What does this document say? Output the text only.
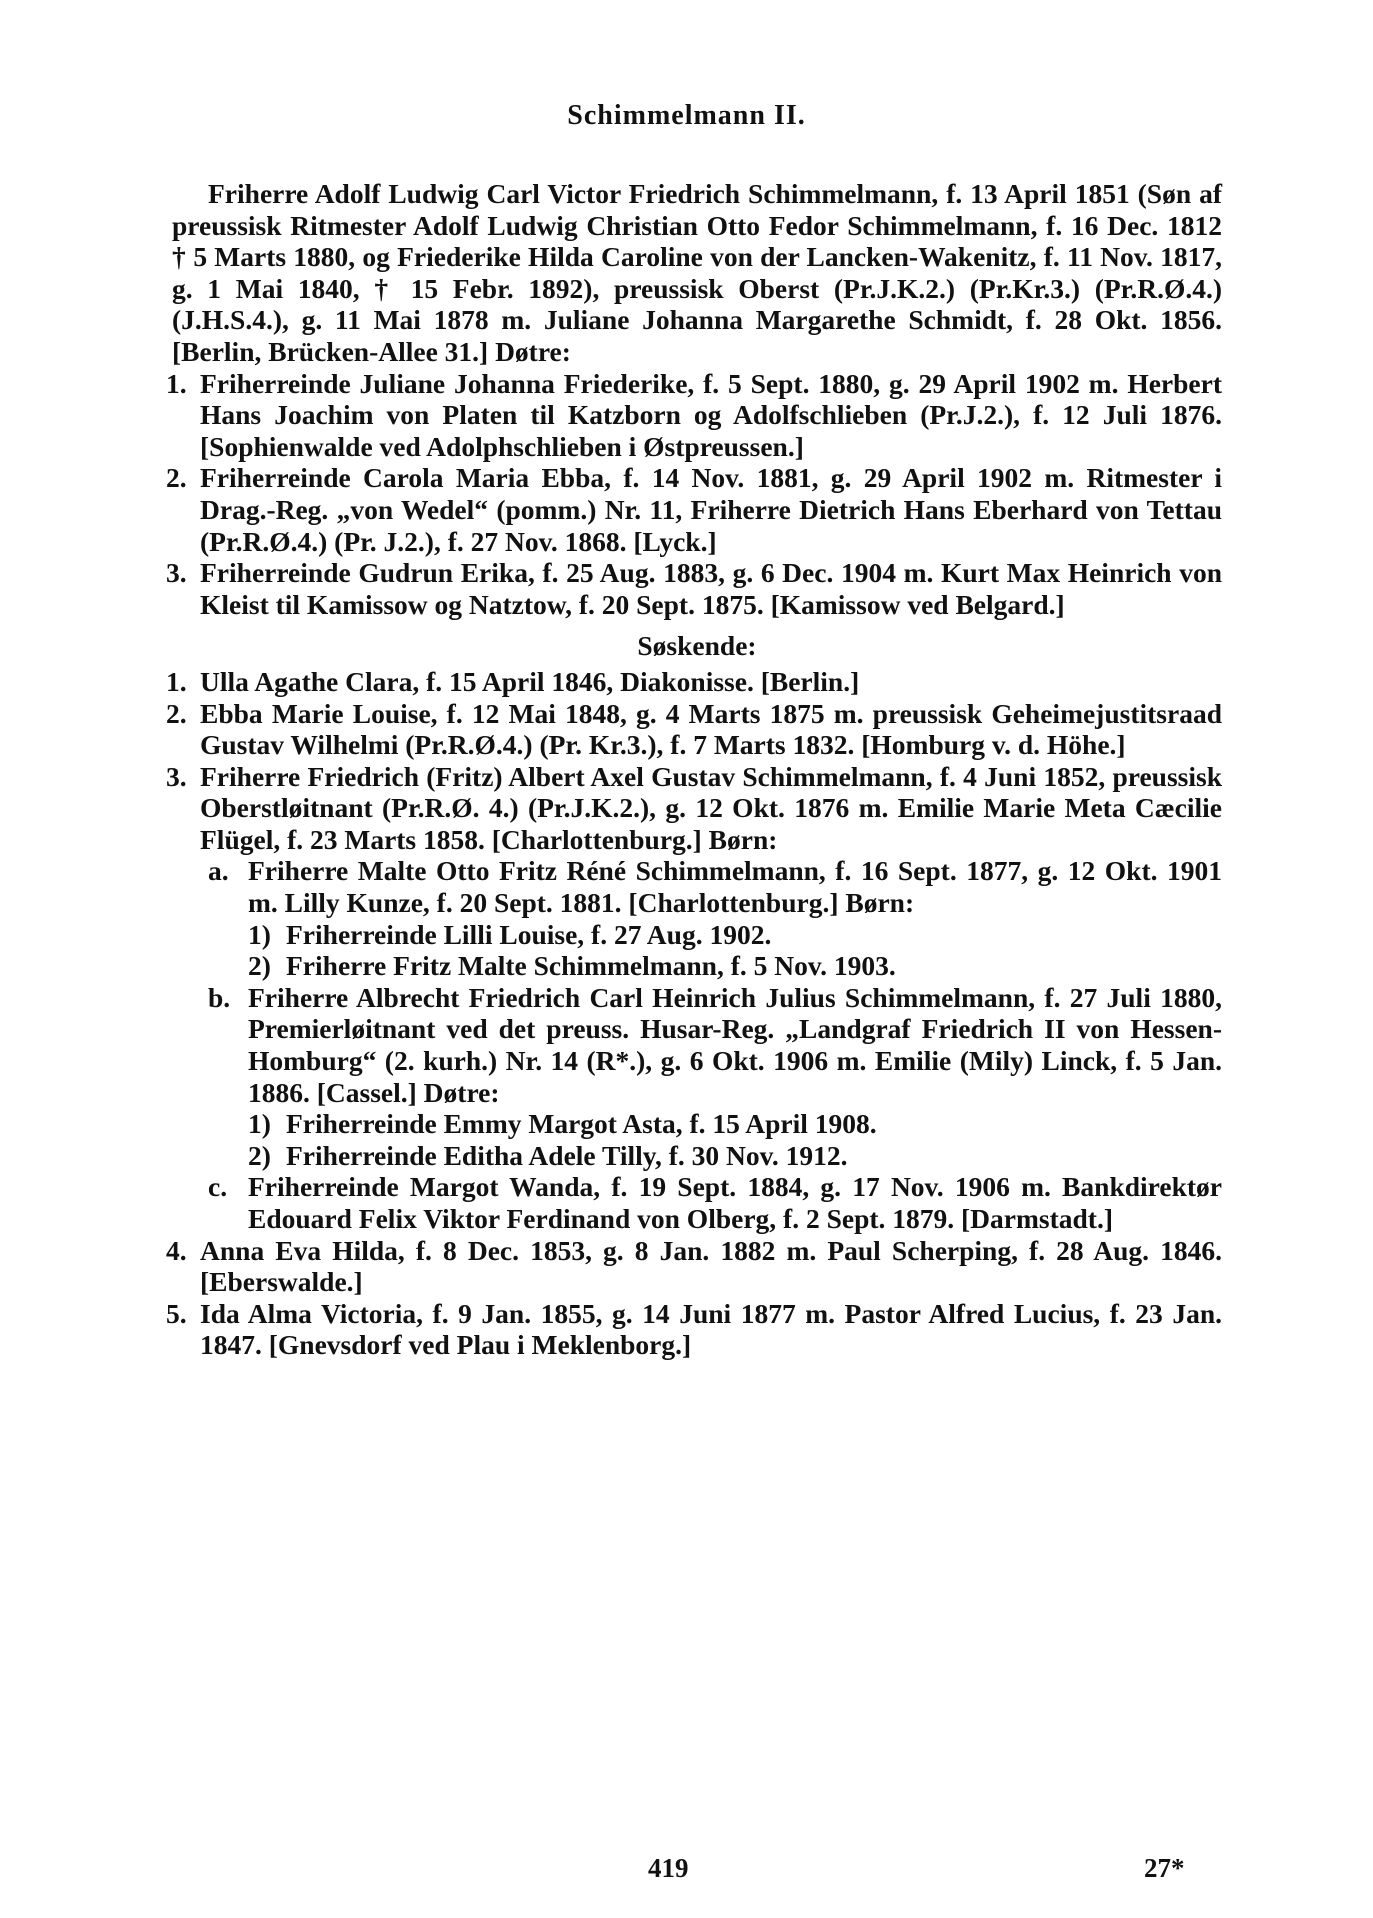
Schimmelmann II.

Friherre Adolf Ludwig Carl Victor Friedrich Schimmelmann, f. 13 April 1851 (Søn af preussisk Ritmester Adolf Ludwig Christian Otto Fedor Schimmelmann, f. 16 Dec. 1812 † 5 Marts 1880, og Friederike Hilda Caroline von der Lancken-Wakenitz, f. 11 Nov. 1817, g. 1 Mai 1840, † 15 Febr. 1892), preussisk Oberst (Pr.J.K.2.) (Pr.Kr.3.) (Pr.R.Ø.4.) (J.H.S.4.), g. 11 Mai 1878 m. Juliane Johanna Margarethe Schmidt, f. 28 Okt. 1856. [Berlin, Brücken-Allee 31.] Døtre:

1. Friherreinde Juliane Johanna Friederike, f. 5 Sept. 1880, g. 29 April 1902 m. Herbert Hans Joachim von Platen til Katzborn og Adolfschlieben (Pr.J.2.), f. 12 Juli 1876. [Sophienwalde ved Adolphschlieben i Østpreussen.]
2. Friherreinde Carola Maria Ebba, f. 14 Nov. 1881, g. 29 April 1902 m. Ritmester i Drag.-Reg. „von Wedel“ (pomm.) Nr. 11, Friherre Dietrich Hans Eberhard von Tettau (Pr.R.Ø.4.) (Pr. J.2.), f. 27 Nov. 1868. [Lyck.]
3. Friherreinde Gudrun Erika, f. 25 Aug. 1883, g. 6 Dec. 1904 m. Kurt Max Heinrich von Kleist til Kamissow og Natztow, f. 20 Sept. 1875. [Kamissow ved Belgard.]
Søskende:
1. Ulla Agathe Clara, f. 15 April 1846, Diakonisse. [Berlin.]
2. Ebba Marie Louise, f. 12 Mai 1848, g. 4 Marts 1875 m. preussisk Geheimejustitsraad Gustav Wilhelmi (Pr.R.Ø.4.) (Pr. Kr.3.), f. 7 Marts 1832. [Homburg v. d. Höhe.]
3. Friherre Friedrich (Fritz) Albert Axel Gustav Schimmelmann, f. 4 Juni 1852, preussisk Oberstløitnant (Pr.R.Ø. 4.) (Pr.J.K.2.), g. 12 Okt. 1876 m. Emilie Marie Meta Cæcilie Flügel, f. 23 Marts 1858. [Charlottenburg.] Børn:
a. Friherre Malte Otto Fritz Réné Schimmelmann, f. 16 Sept. 1877, g. 12 Okt. 1901 m. Lilly Kunze, f. 20 Sept. 1881. [Charlottenburg.] Børn:
1) Friherreinde Lilli Louise, f. 27 Aug. 1902.
2) Friherre Fritz Malte Schimmelmann, f. 5 Nov. 1903.
b. Friherre Albrecht Friedrich Carl Heinrich Julius Schimmelmann, f. 27 Juli 1880, Premierløitnant ved det preuss. Husar-Reg. „Landgraf Friedrich II von Hessen-Homburg“ (2. kurh.) Nr. 14 (R*.), g. 6 Okt. 1906 m. Emilie (Mily) Linck, f. 5 Jan. 1886. [Cassel.] Døtre:
1) Friherreinde Emmy Margot Asta, f. 15 April 1908.
2) Friherreinde Editha Adele Tilly, f. 30 Nov. 1912.
c. Friherreinde Margot Wanda, f. 19 Sept. 1884, g. 17 Nov. 1906 m. Bankdirektør Edouard Felix Viktor Ferdinand von Olberg, f. 2 Sept. 1879. [Darmstadt.]
4. Anna Eva Hilda, f. 8 Dec. 1853, g. 8 Jan. 1882 m. Paul Scherping, f. 28 Aug. 1846. [Eberswalde.]
5. Ida Alma Victoria, f. 9 Jan. 1855, g. 14 Juni 1877 m. Pastor Alfred Lucius, f. 23 Jan. 1847. [Gnevsdorf ved Plau i Meklenborg.]
419	27*
